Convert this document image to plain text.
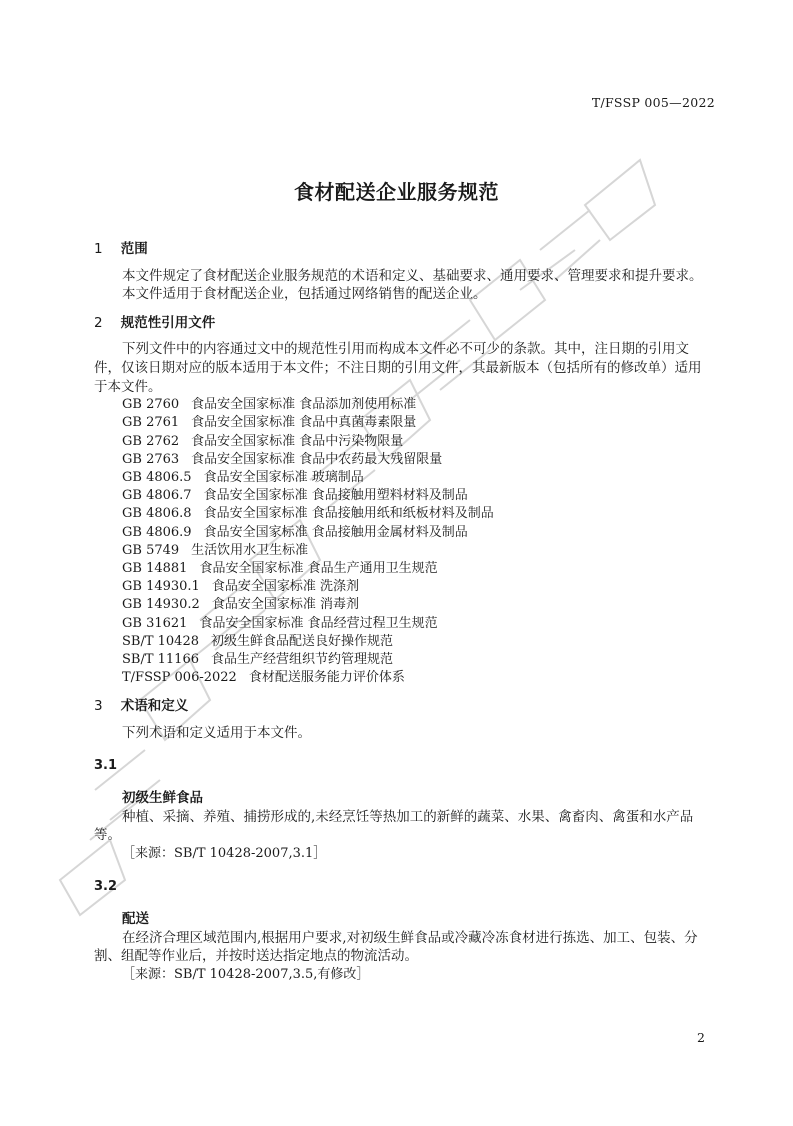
T/FSSP 005—2022
食材配送企业服务规范
1 范围
本文件规定了食材配送企业服务规范的术语和定义、基础要求、通用要求、管理要求和提升要求。
本文件适用于食材配送企业，包括通过网络销售的配送企业。
2 规范性引用文件
下列文件中的内容通过文中的规范性引用而构成本文件必不可少的条款。其中，注日期的引用文件，仅该日期对应的版本适用于本文件；不注日期的引用文件，其最新版本（包括所有的修改单）适用于本文件。
GB 2760 食品安全国家标准 食品添加剂使用标准
GB 2761 食品安全国家标准 食品中真菌毒素限量
GB 2762 食品安全国家标准 食品中污染物限量
GB 2763 食品安全国家标准 食品中农药最大残留限量
GB 4806.5 食品安全国家标准 玻璃制品
GB 4806.7 食品安全国家标准 食品接触用塑料材料及制品
GB 4806.8 食品安全国家标准 食品接触用纸和纸板材料及制品
GB 4806.9 食品安全国家标准 食品接触用金属材料及制品
GB 5749 生活饮用水卫生标准
GB 14881 食品安全国家标准 食品生产通用卫生规范
GB 14930.1 食品安全国家标准 洗涤剂
GB 14930.2 食品安全国家标准 消毒剂
GB 31621 食品安全国家标准 食品经营过程卫生规范
SB/T 10428 初级生鲜食品配送良好操作规范
SB/T 11166 食品生产经营组织节约管理规范
T/FSSP 006-2022 食材配送服务能力评价体系
3 术语和定义
下列术语和定义适用于本文件。
3.1
初级生鲜食品
种植、采摘、养殖、捕捞形成的,未经烹饪等热加工的新鲜的蔬菜、水果、禽畜肉、禽蛋和水产品等。
［来源：SB/T 10428-2007,3.1］
3.2
配送
在经济合理区域范围内,根据用户要求,对初级生鲜食品或冷藏冷冻食材进行拣选、加工、包装、分割、组配等作业后，并按时送达指定地点的物流活动。
［来源：SB/T 10428-2007,3.5,有修改］
2
